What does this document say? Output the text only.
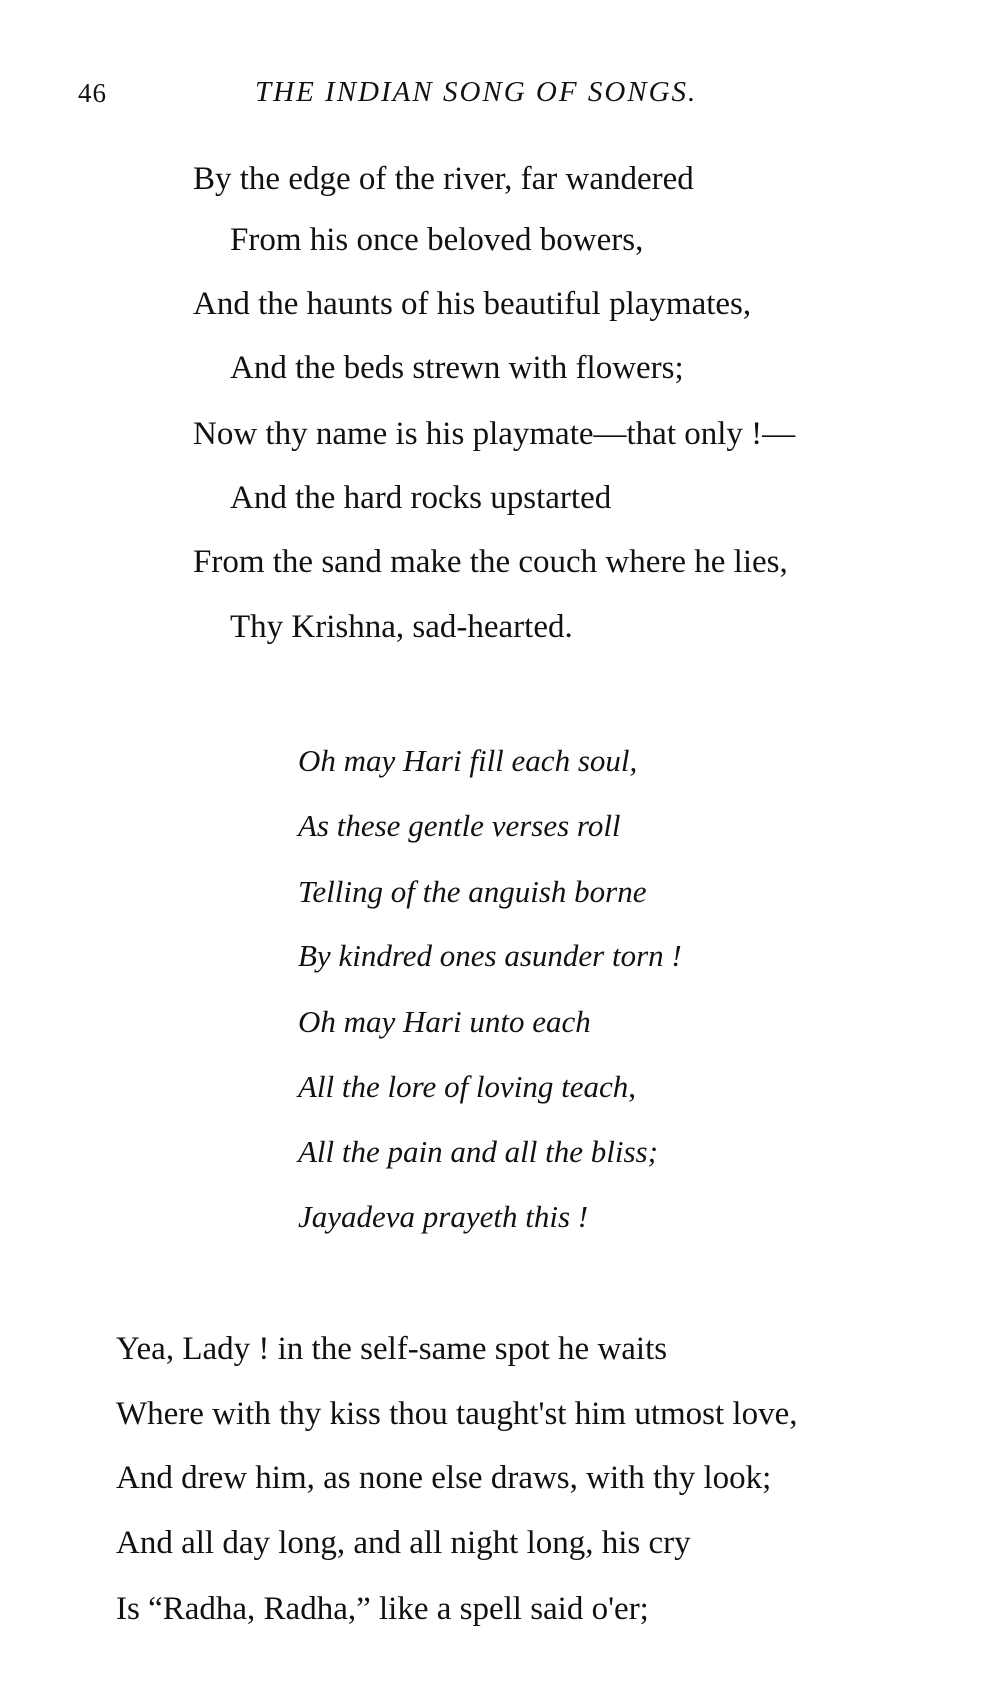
46	THE INDIAN SONG OF SONGS.
By the edge of the river, far wandered
From his once beloved bowers,
And the haunts of his beautiful playmates,
And the beds strewn with flowers;
Now thy name is his playmate—that only !—
And the hard rocks upstarted
From the sand make the couch where he lies,
Thy Krishna, sad-hearted.
Oh may Hari fill each soul,
As these gentle verses roll
Telling of the anguish borne
By kindred ones asunder torn !
Oh may Hari unto each
All the lore of loving teach,
All the pain and all the bliss;
Jayadeva prayeth this !
Yea, Lady ! in the self-same spot he waits
Where with thy kiss thou taught'st him utmost love,
And drew him, as none else draws, with thy look;
And all day long, and all night long, his cry
Is “Radha, Radha,” like a spell said o'er;
